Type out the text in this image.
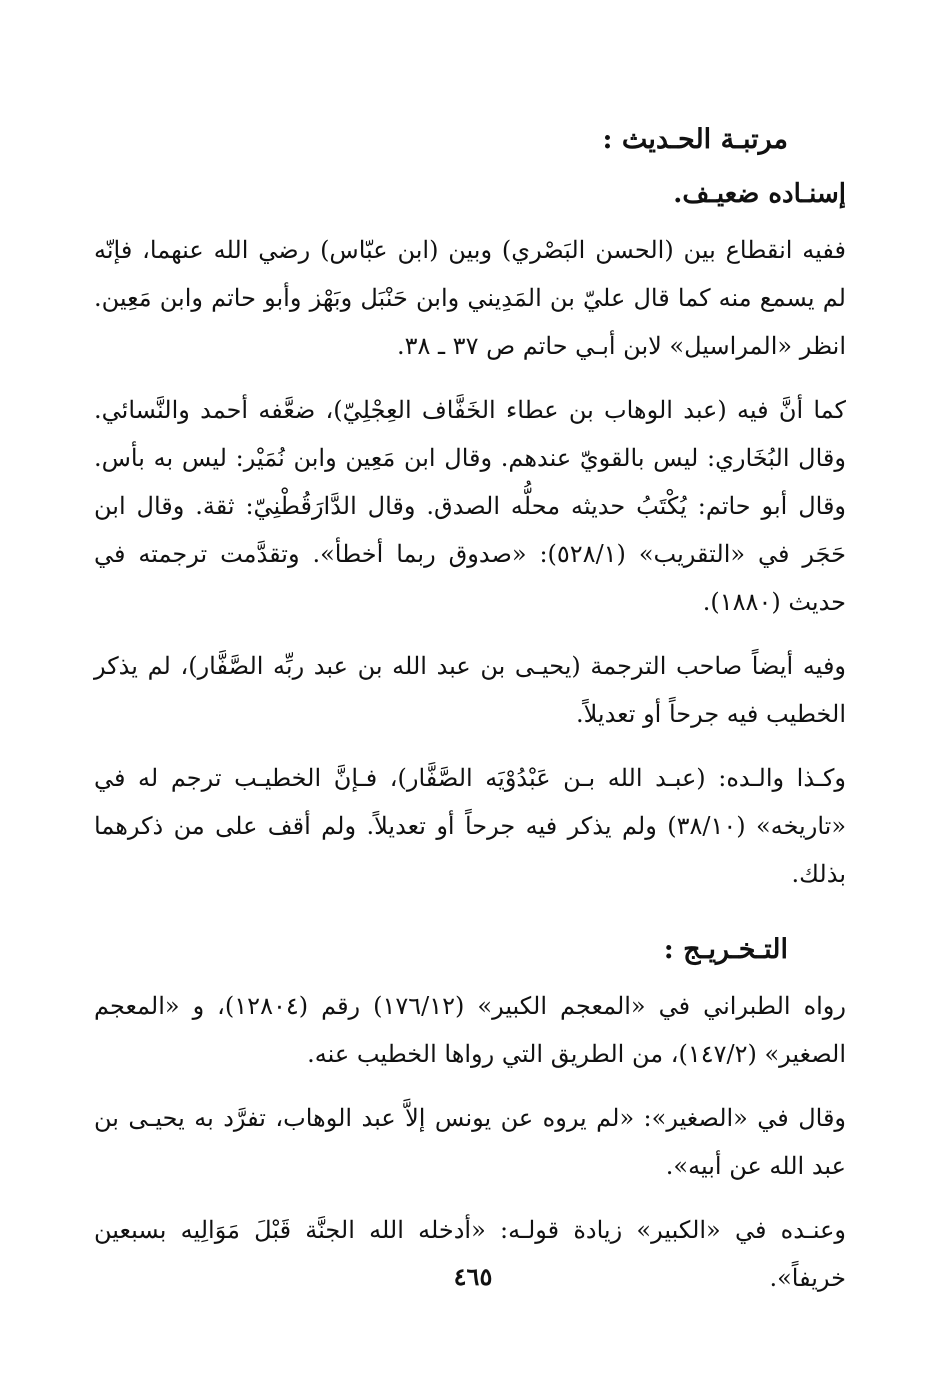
مرتبـة الحـديث :
إسنـاده ضعيـف.

ففيه انقطاع بين (الحسن البَصْري) وبين (ابن عبّاس) رضي الله عنهما، فإنّه لم يسمع منه كما قال عليّ بن المَدِيني وابن حَنْبَل وبَهْز وأبو حاتم وابن مَعِين. انظر «المراسيل» لابن أبـي حاتم ص ٣٧ ـ ٣٨.

كما أنَّ فيه (عبد الوهاب بن عطاء الخَفَّاف العِجْلِيّ)، ضعَّفه أحمد والنَّسائي. وقال البُخَاري: ليس بالقويّ عندهم. وقال ابن مَعِين وابن نُمَيْر: ليس به بأس. وقال أبو حاتم: يُكْتَبُ حديثه محلُّه الصدق. وقال الدَّارَقُطْنِيّ: ثقة. وقال ابن حَجَر في «التقريب» (٥٢٨/١): «صدوق ربما أخطأ». وتقدَّمت ترجمته في حديث (١٨٨٠).

وفيه أيضاً صاحب الترجمة (يحيـى بن عبد الله بن عبد ربِّه الصَّفَّار)، لم يذكر الخطيب فيه جرحاً أو تعديلاً.

وكـذا والـده: (عبـد الله بـن عَبْدُوْيَه الصَّفَّار)، فـإنَّ الخطيـب ترجم له في «تاريخه» (٣٨/١٠) ولم يذكر فيه جرحاً أو تعديلاً. ولم أقف على من ذكرهما بذلك.

التـخـريـج :

رواه الطبراني في «المعجم الكبير» (١٧٦/١٢) رقم (١٢٨٠٤)، و «المعجم الصغير» (١٤٧/٢)، من الطريق التي رواها الخطيب عنه.

وقال في «الصغير»: «لم يروه عن يونس إلاَّ عبد الوهاب، تفرَّد به يحيـى بن عبد الله عن أبيه».

وعنـده في «الكبير» زيادة قولـه: «أدخله الله الجنَّة قَبْلَ مَوَالِيه بسبعين خريفاً».

٤٦٥
